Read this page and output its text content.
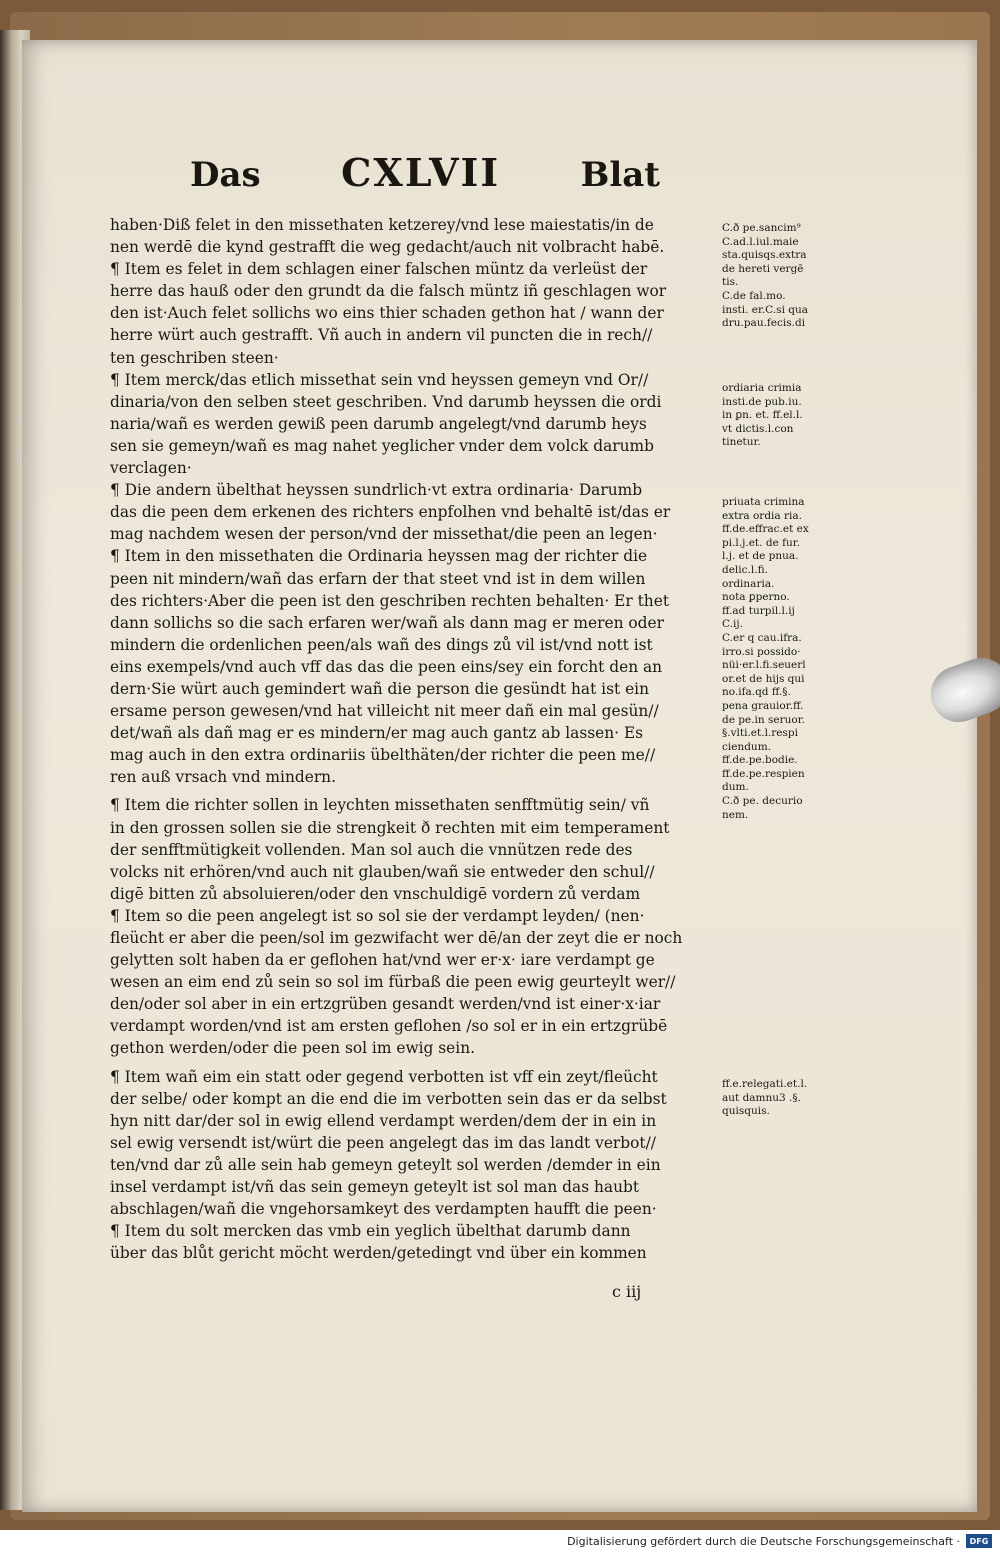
Das CXLVII Blat
haben·Diß felet in den missethaten ketzerey/vnd lese maiestatis/in de
nen werdē die kynd gestrafft die weg gedacht/auch nit volbracht habē.
¶ Item es felet in dem schlagen einer falschen müntz da verleüst der
herre das hauß oder den grundt da die falsch müntz iñ geschlagen wor
den ist·Auch felet sollichs wo eins thier schaden gethon hat / wann der
herre würt auch gestrafft. Vñ auch in andern vil puncten die in rech//
ten geschriben steen·
¶ Item merck/das etlich missethat sein vnd heyssen gemeyn vnd Or//
dinaria/von den selben steet geschriben. Vnd darumb heyssen die ordi
naria/wañ es werden gewiß peen darumb angelegt/vnd darumb heys
sen sie gemeyn/wañ es mag nahet yeglicher vnder dem volck darumb
verclagen·
¶ Die andern übelthat heyssen sundrlich·vt extra ordinaria· Darumb
das die peen dem erkenen des richters enpfolhen vnd behaltē ist/das er
mag nachdem wesen der person/vnd der missethat/die peen an legen·
¶ Item in den missethaten die Ordinaria heyssen mag der richter die
peen nit mindern/wañ das erfarn der that steet vnd ist in dem willen
des richters·Aber die peen ist den geschriben rechten behalten· Er thet
dann sollichs so die sach erfaren wer/wañ als dann mag er meren oder
mindern die ordenlichen peen/als wañ des dings zů vil ist/vnd nott ist
eins exempels/vnd auch vff das das die peen eins/sey ein forcht den an
dern·Sie würt auch gemindert wañ die person die gesündt hat ist ein
ersame person gewesen/vnd hat villeicht nit meer dañ ein mal gesün//
det/wañ als dañ mag er es mindern/er mag auch gantz ab lassen· Es
mag auch in den extra ordinariis übelthäten/der richter die peen me//
ren auß vrsach vnd mindern.
¶ Item die richter sollen in leychten missethaten senfftmütig sein/ vñ
in den grossen sollen sie die strengkeit ð rechten mit eim temperament
der senfftmütigkeit vollenden. Man sol auch die vnnützen rede des
volcks nit erhören/vnd auch nit glauben/wañ sie entweder den schul//
digē bitten zů absoluieren/oder den vnschuldigē vordern zů verdam
¶ Item so die peen angelegt ist so sol sie der verdampt leyden/ (nen·
fleücht er aber die peen/sol im gezwifacht wer dē/an der zeyt die er noch
gelytten solt haben da er geflohen hat/vnd wer er·x· iare verdampt ge
wesen an eim end zů sein so sol im fürbaß die peen ewig geurteylt wer//
den/oder sol aber in ein ertzgrüben gesandt werden/vnd ist einer·x·iar
verdampt worden/vnd ist am ersten geflohen /so sol er in ein ertzgrübē
gethon werden/oder die peen sol im ewig sein.
¶ Item wañ eim ein statt oder gegend verbotten ist vff ein zeyt/fleücht
der selbe/ oder kompt an die end die im verbotten sein das er da selbst
hyn nitt dar/der sol in ewig ellend verdampt werden/dem der in ein in
sel ewig versendt ist/würt die peen angelegt das im das landt verbot//
ten/vnd dar zů alle sein hab gemeyn geteylt sol werden /demder in ein
insel verdampt ist/vñ das sein gemeyn geteylt ist sol man das haubt
abschlagen/wañ die vngehorsamkeyt des verdampten haufft die peen·
¶ Item du solt mercken das vmb ein yeglich übelthat darumb dann
über das blůt gericht möcht werden/getedingt vnd über ein kommen
C.ð pe.sancim⁹
C.ad.l.iul.maie
sta.quisqs.extra
de hereti vergē
tis.
C.de fal.mo.
insti. er.C.si qua
dru.pau.fecis.di
ordiaria crimia
insti.de pub.iu.
in ꝑn. et. ff.el.l.
vt dictis.l.con
tinetur.
priuata crimina
extra ordia ria.
ff.de.effrac.et ex
pi.l.j.et. de fur.
l.j. et de pnua.
delic.l.fi.
ordinaria.
nota ꝑperno.
ff.ad turpil.l.ij
C.ij.
C.er q cau.ifra.
irro.si possido·
nüi·er.l.fi.seuerl
or.et de hijs qui
no.ifa.qd ff.§.
pena grauior.ff.
de pe.in seruor.
§.vlti.et.l.respi
ciendum.
ff.de.pe.bodie.
ff.de.pe.respien
dum.
C.ð pe. decurio
nem.
ff.e.relegati.et.l.
aut damnu3 .§.
quisquis.
c iij
Digitalisierung gefördert durch die Deutsche Forschungsgemeinschaft ·	DFG
